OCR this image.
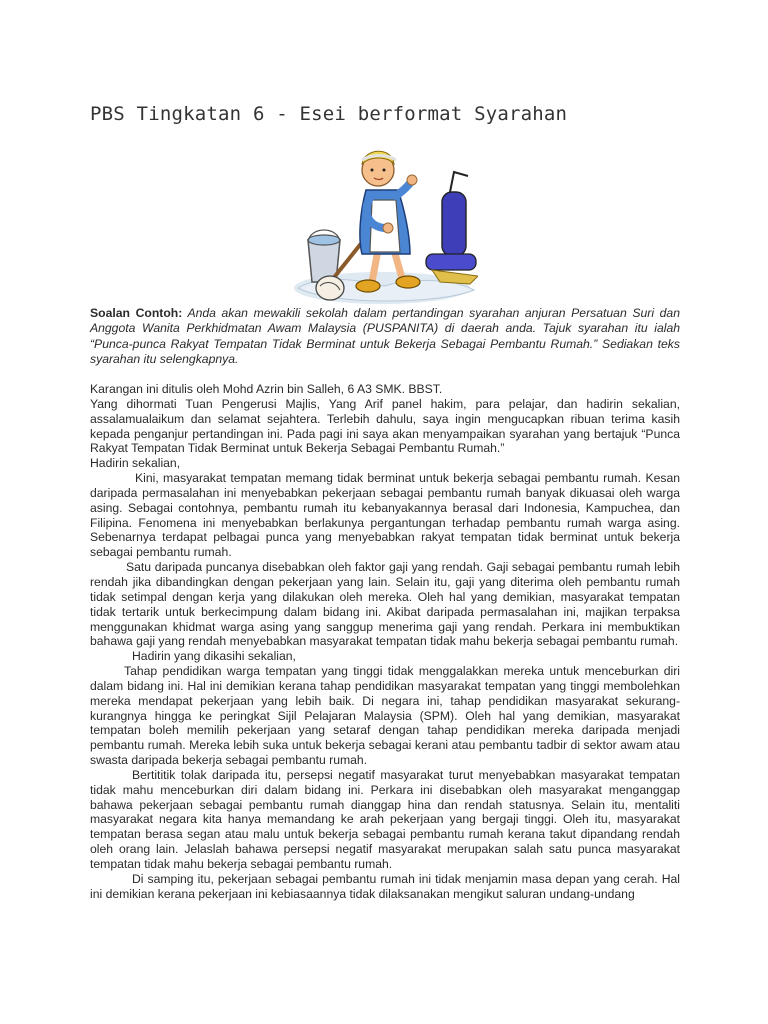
PBS Tingkatan 6 - Esei berformat Syarahan
Soalan Contoh: Anda akan mewakili sekolah dalam pertandingan syarahan anjuran Persatuan Suri dan Anggota Wanita Perkhidmatan Awam Malaysia (PUSPANITA) di daerah anda. Tajuk syarahan itu ialah “Punca-punca Rakyat Tempatan Tidak Berminat untuk Bekerja Sebagai Pembantu Rumah.” Sediakan teks syarahan itu selengkapnya.

Karangan ini ditulis oleh Mohd Azrin bin Salleh, 6 A3 SMK. BBST.

Yang dihormati Tuan Pengerusi Majlis, Yang Arif panel hakim, para pelajar, dan hadirin sekalian, assalamualaikum dan selamat sejahtera. Terlebih dahulu, saya ingin mengucapkan ribuan terima kasih kepada penganjur pertandingan ini. Pada pagi ini saya akan menyampaikan syarahan yang bertajuk “Punca Rakyat Tempatan Tidak Berminat untuk Bekerja Sebagai Pembantu Rumah.”

Hadirin sekalian,

Kini, masyarakat tempatan memang tidak berminat untuk bekerja sebagai pembantu rumah. Kesan daripada permasalahan ini menyebabkan pekerjaan sebagai pembantu rumah banyak dikuasai oleh warga asing. Sebagai contohnya, pembantu rumah itu kebanyakannya berasal dari Indonesia, Kampuchea, dan Filipina. Fenomena ini menyebabkan berlakunya pergantungan terhadap pembantu rumah warga asing. Sebenarnya terdapat pelbagai punca yang menyebabkan rakyat tempatan tidak berminat untuk bekerja sebagai pembantu rumah.

Satu daripada puncanya disebabkan oleh faktor gaji yang rendah. Gaji sebagai pembantu rumah lebih rendah jika dibandingkan dengan pekerjaan yang lain. Selain itu, gaji yang diterima oleh pembantu rumah tidak setimpal dengan kerja yang dilakukan oleh mereka. Oleh hal yang demikian, masyarakat tempatan tidak tertarik untuk berkecimpung dalam bidang ini. Akibat daripada permasalahan ini, majikan terpaksa menggunakan khidmat warga asing yang sanggup menerima gaji yang rendah. Perkara ini membuktikan bahawa gaji yang rendah menyebabkan masyarakat tempatan tidak mahu bekerja sebagai pembantu rumah.

Hadirin yang dikasihi sekalian,

Tahap pendidikan warga tempatan yang tinggi tidak menggalakkan mereka untuk menceburkan diri dalam bidang ini. Hal ini demikian kerana tahap pendidikan masyarakat tempatan yang tinggi membolehkan mereka mendapat pekerjaan yang lebih baik. Di negara ini, tahap pendidikan masyarakat sekurang-kurangnya hingga ke peringkat Sijil Pelajaran Malaysia (SPM). Oleh hal yang demikian, masyarakat tempatan boleh memilih pekerjaan yang setaraf dengan tahap pendidikan mereka daripada menjadi pembantu rumah. Mereka lebih suka untuk bekerja sebagai kerani atau pembantu tadbir di sektor awam atau swasta daripada bekerja sebagai pembantu rumah.

Bertititik tolak daripada itu, persepsi negatif masyarakat turut menyebabkan masyarakat tempatan tidak mahu menceburkan diri dalam bidang ini. Perkara ini disebabkan oleh masyarakat menganggap bahawa pekerjaan sebagai pembantu rumah dianggap hina dan rendah statusnya. Selain itu, mentaliti masyarakat negara kita hanya memandang ke arah pekerjaan yang bergaji tinggi. Oleh itu, masyarakat tempatan berasa segan atau malu untuk bekerja sebagai pembantu rumah kerana takut dipandang rendah oleh orang lain. Jelaslah bahawa persepsi negatif masyarakat merupakan salah satu punca masyarakat tempatan tidak mahu bekerja sebagai pembantu rumah.

Di samping itu, pekerjaan sebagai pembantu rumah ini tidak menjamin masa depan yang cerah. Hal ini demikian kerana pekerjaan ini kebiasaannya tidak dilaksanakan mengikut saluran undang-undang
